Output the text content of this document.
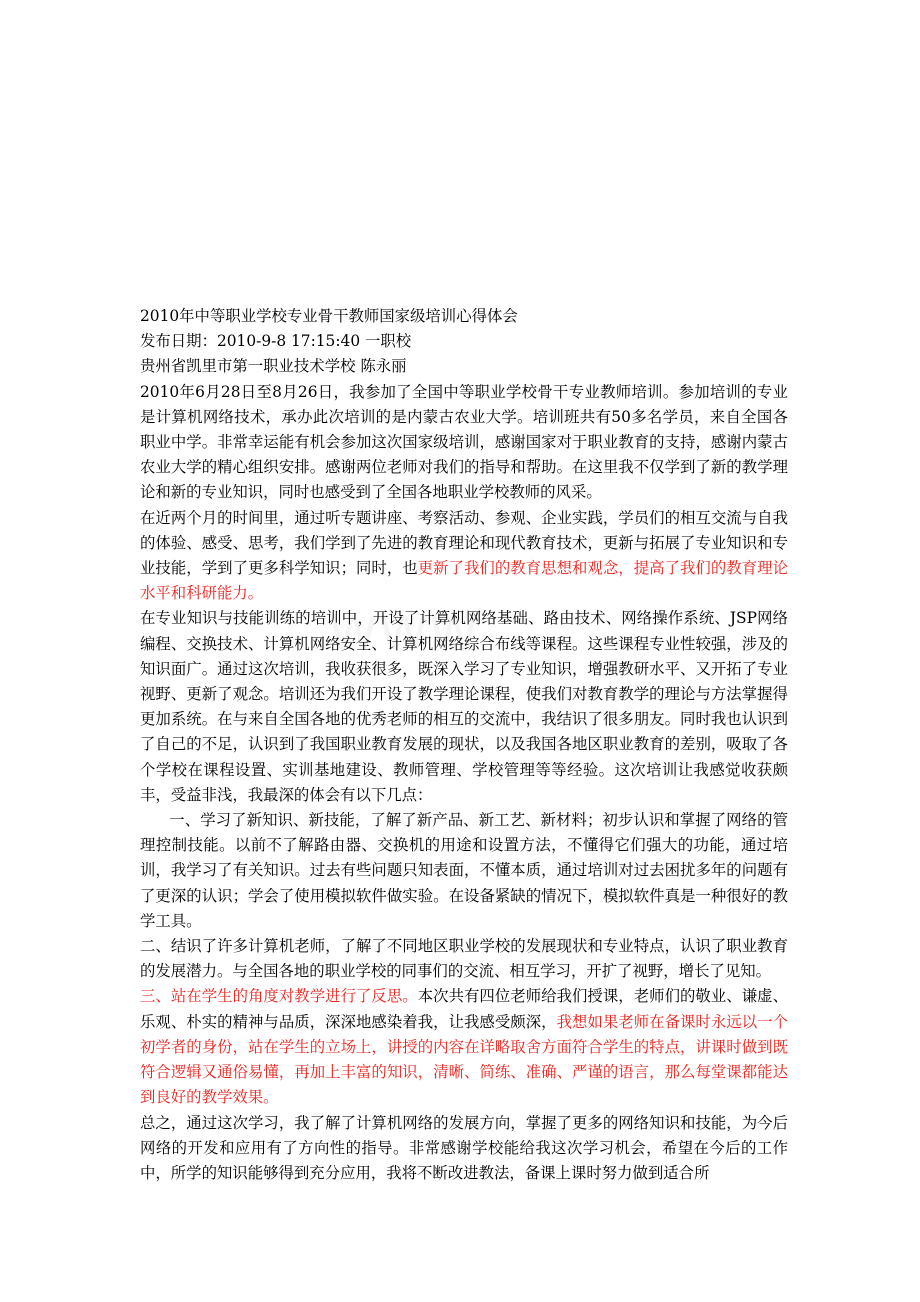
2010年中等职业学校专业骨干教师国家级培训心得体会

发布日期：2010-9-8 17:15:40 一职校

贵州省凯里市第一职业技术学校 陈永丽

2010年6月28日至8月26日，我参加了全国中等职业学校骨干专业教师培训。参加培训的专业是计算机网络技术，承办此次培训的是内蒙古农业大学。培训班共有50多名学员，来自全国各职业中学。非常幸运能有机会参加这次国家级培训，感谢国家对于职业教育的支持，感谢内蒙古农业大学的精心组织安排。感谢两位老师对我们的指导和帮助。在这里我不仅学到了新的教学理论和新的专业知识，同时也感受到了全国各地职业学校教师的风采。

在近两个月的时间里，通过听专题讲座、考察活动、参观、企业实践，学员们的相互交流与自我的体验、感受、思考，我们学到了先进的教育理论和现代教育技术，更新与拓展了专业知识和专业技能，学到了更多科学知识；同时，也更新了我们的教育思想和观念，提高了我们的教育理论水平和科研能力。

在专业知识与技能训练的培训中，开设了计算机网络基础、路由技术、网络操作系统、JSP网络编程、交换技术、计算机网络安全、计算机网络综合布线等课程。这些课程专业性较强，涉及的知识面广。通过这次培训，我收获很多，既深入学习了专业知识，增强教研水平、又开拓了专业视野、更新了观念。培训还为我们开设了教学理论课程，使我们对教育教学的理论与方法掌握得更加系统。在与来自全国各地的优秀老师的相互的交流中，我结识了很多朋友。同时我也认识到了自己的不足，认识到了我国职业教育发展的现状，以及我国各地区职业教育的差别，吸取了各个学校在课程设置、实训基地建设、教师管理、学校管理等等经验。这次培训让我感觉收获颇丰，受益非浅，我最深的体会有以下几点：

一、学习了新知识、新技能，了解了新产品、新工艺、新材料；初步认识和掌握了网络的管理控制技能。以前不了解路由器、交换机的用途和设置方法，不懂得它们强大的功能，通过培训，我学习了有关知识。过去有些问题只知表面，不懂本质，通过培训对过去困扰多年的问题有了更深的认识；学会了使用模拟软件做实验。在设备紧缺的情况下，模拟软件真是一种很好的教学工具。

二、结识了许多计算机老师，了解了不同地区职业学校的发展现状和专业特点，认识了职业教育的发展潜力。与全国各地的职业学校的同事们的交流、相互学习，开扩了视野，增长了见知。

三、站在学生的角度对教学进行了反思。本次共有四位老师给我们授课，老师们的敬业、谦虚、乐观、朴实的精神与品质，深深地感染着我，让我感受颇深，我想如果老师在备课时永远以一个初学者的身份，站在学生的立场上，讲授的内容在详略取舍方面符合学生的特点，讲课时做到既符合逻辑又通俗易懂，再加上丰富的知识，清晰、简练、准确、严谨的语言，那么每堂课都能达到良好的教学效果。

总之，通过这次学习，我了解了计算机网络的发展方向，掌握了更多的网络知识和技能，为今后网络的开发和应用有了方向性的指导。非常感谢学校能给我这次学习机会，希望在今后的工作中，所学的知识能够得到充分应用，我将不断改进教法，备课上课时努力做到适合所
